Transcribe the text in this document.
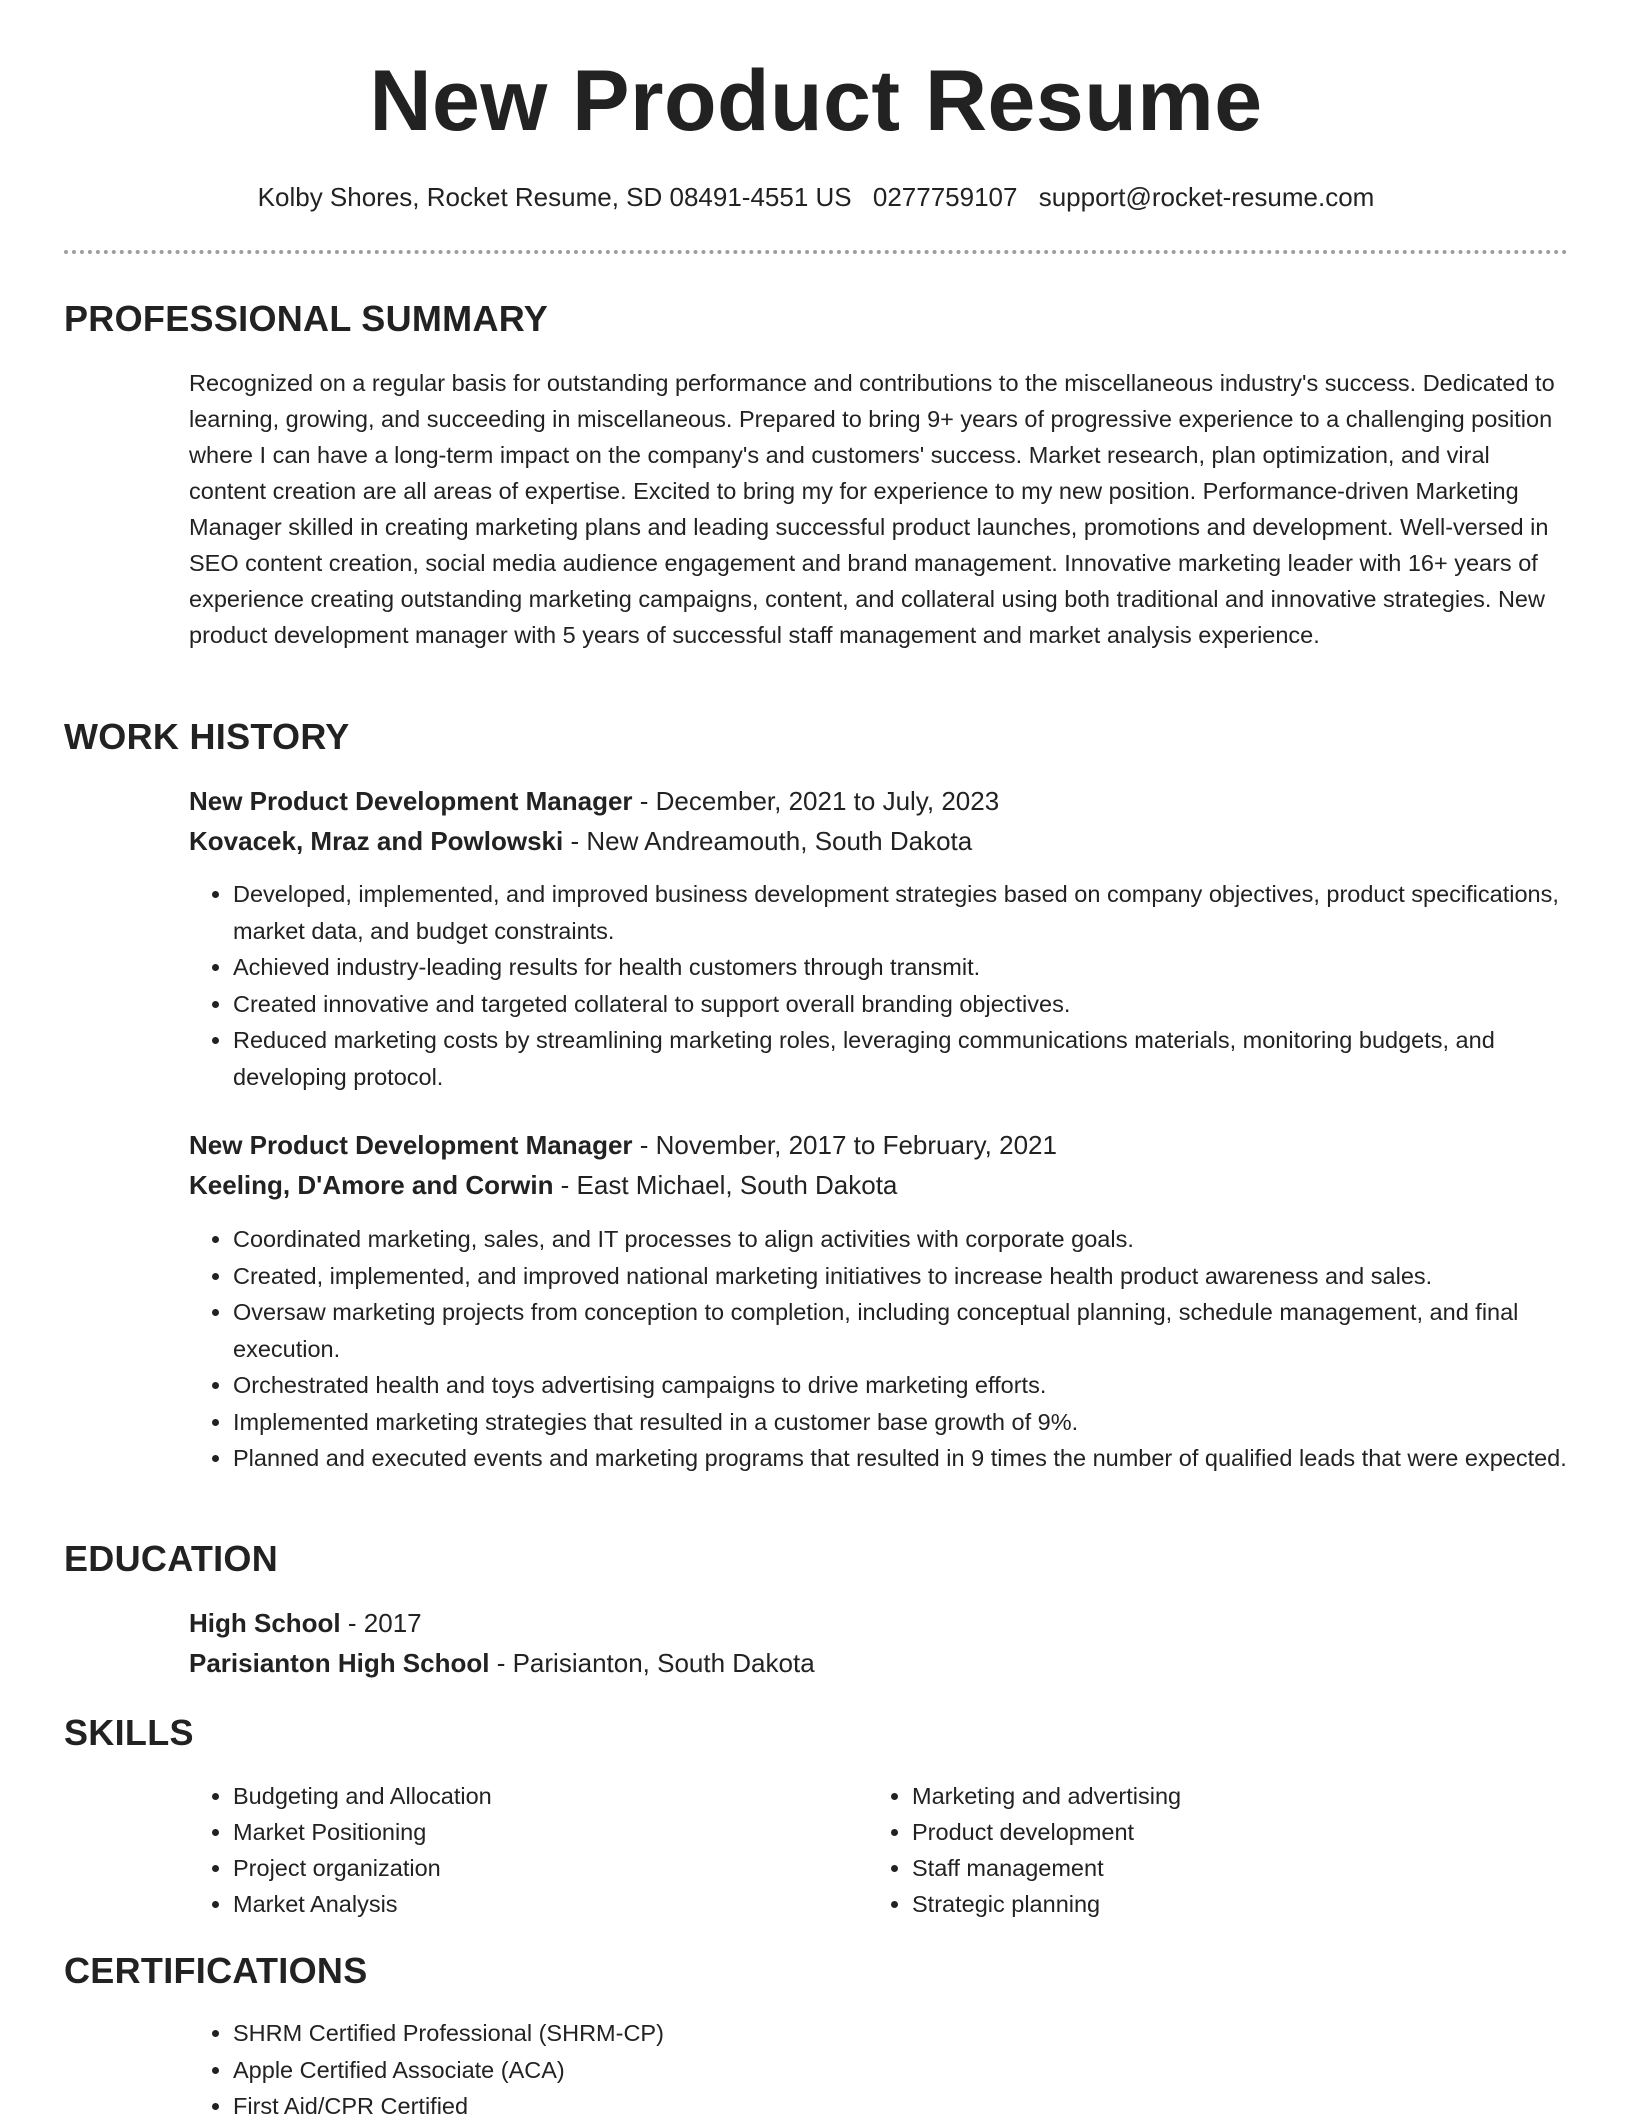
New Product Resume
Kolby Shores, Rocket Resume, SD 08491-4551 US 0277759107 support@rocket-resume.com
PROFESSIONAL SUMMARY
Recognized on a regular basis for outstanding performance and contributions to the miscellaneous industry's success. Dedicated to learning, growing, and succeeding in miscellaneous. Prepared to bring 9+ years of progressive experience to a challenging position where I can have a long-term impact on the company's and customers' success. Market research, plan optimization, and viral content creation are all areas of expertise. Excited to bring my for experience to my new position. Performance-driven Marketing Manager skilled in creating marketing plans and leading successful product launches, promotions and development. Well-versed in SEO content creation, social media audience engagement and brand management. Innovative marketing leader with 16+ years of experience creating outstanding marketing campaigns, content, and collateral using both traditional and innovative strategies. New product development manager with 5 years of successful staff management and market analysis experience.
WORK HISTORY
New Product Development Manager - December, 2021 to July, 2023
Kovacek, Mraz and Powlowski - New Andreamouth, South Dakota
• Developed, implemented, and improved business development strategies based on company objectives, product specifications, market data, and budget constraints.
• Achieved industry-leading results for health customers through transmit.
• Created innovative and targeted collateral to support overall branding objectives.
• Reduced marketing costs by streamlining marketing roles, leveraging communications materials, monitoring budgets, and developing protocol.
New Product Development Manager - November, 2017 to February, 2021
Keeling, D'Amore and Corwin - East Michael, South Dakota
• Coordinated marketing, sales, and IT processes to align activities with corporate goals.
• Created, implemented, and improved national marketing initiatives to increase health product awareness and sales.
• Oversaw marketing projects from conception to completion, including conceptual planning, schedule management, and final execution.
• Orchestrated health and toys advertising campaigns to drive marketing efforts.
• Implemented marketing strategies that resulted in a customer base growth of 9%.
• Planned and executed events and marketing programs that resulted in 9 times the number of qualified leads that were expected.
EDUCATION
High School - 2017
Parisianton High School - Parisianton, South Dakota
SKILLS
• Budgeting and Allocation
• Market Positioning
• Project organization
• Market Analysis
• Marketing and advertising
• Product development
• Staff management
• Strategic planning
CERTIFICATIONS
• SHRM Certified Professional (SHRM-CP)
• Apple Certified Associate (ACA)
• First Aid/CPR Certified
